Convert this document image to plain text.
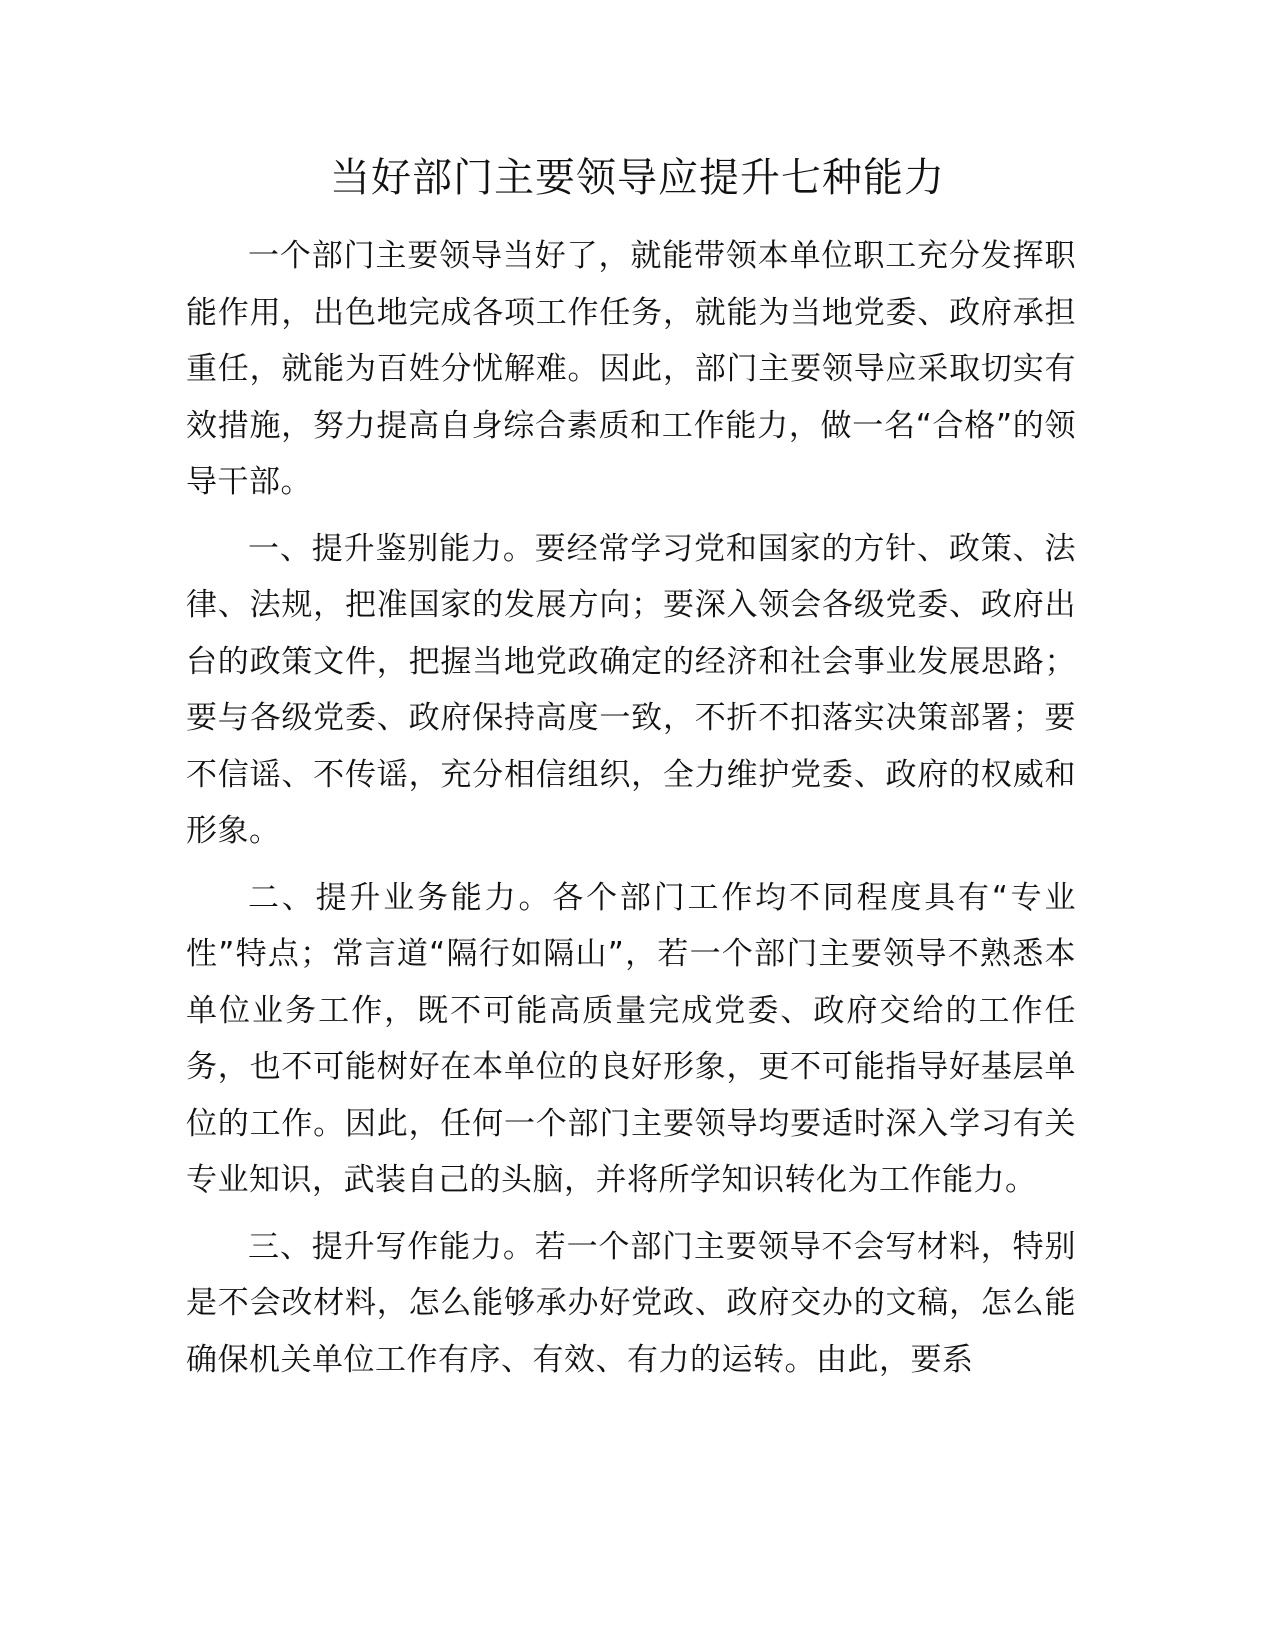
当好部门主要领导应提升七种能力

一个部门主要领导当好了，就能带领本单位职工充分发挥职能作用，出色地完成各项工作任务，就能为当地党委、政府承担重任，就能为百姓分忧解难。因此，部门主要领导应采取切实有效措施，努力提高自身综合素质和工作能力，做一名“合格”的领导干部。

一、提升鉴别能力。要经常学习党和国家的方针、政策、法律、法规，把准国家的发展方向；要深入领会各级党委、政府出台的政策文件，把握当地党政确定的经济和社会事业发展思路；要与各级党委、政府保持高度一致，不折不扣落实决策部署；要不信谣、不传谣，充分相信组织，全力维护党委、政府的权威和形象。

二、提升业务能力。各个部门工作均不同程度具有“专业性”特点；常言道“隔行如隔山”，若一个部门主要领导不熟悉本单位业务工作，既不可能高质量完成党委、政府交给的工作任务，也不可能树好在本单位的良好形象，更不可能指导好基层单位的工作。因此，任何一个部门主要领导均要适时深入学习有关专业知识，武装自己的头脑，并将所学知识转化为工作能力。

三、提升写作能力。若一个部门主要领导不会写材料，特别是不会改材料，怎么能够承办好党政、政府交办的文稿，怎么能确保机关单位工作有序、有效、有力的运转。由此，要系
